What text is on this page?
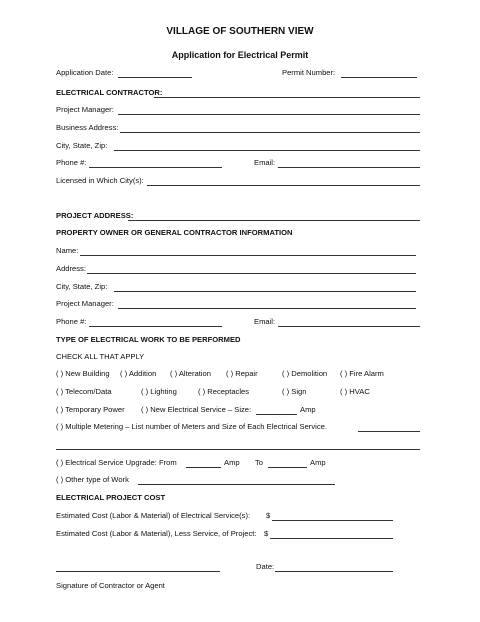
VILLAGE OF SOUTHERN VIEW
Application for Electrical Permit
Application Date:	Permit Number:
ELECTRICAL CONTRACTOR:
Project Manager:
Business Address:
City, State, Zip:
Phone #:	Email:
Licensed in Which City(s):
PROJECT ADDRESS:
PROPERTY OWNER OR GENERAL CONTRACTOR INFORMATION
Name:
Address:
City, State, Zip:
Project Manager:
Phone #:	Email:
TYPE OF ELECTRICAL WORK TO BE PERFORMED
CHECK ALL THAT APPLY
( ) New Building ( ) Addition ( ) Alteration ( ) Repair	( ) Demolition ( ) Fire Alarm
( ) Telecom/Data	( ) Lighting	( ) Receptacles	( ) Sign	( ) HVAC
( ) Temporary Power ( ) New Electrical Service – Size:	Amp
( ) Multiple Metering – List number of Meters and Size of Each Electrical Service.
( ) Electrical Service Upgrade: From	Amp To	Amp
( ) Other type of Work
ELECTRICAL PROJECT COST
Estimated Cost (Labor & Material) of Electrical Service(s): $
Estimated Cost (Labor & Material), Less Service, of Project: $
Date:
Signature of Contractor or Agent
